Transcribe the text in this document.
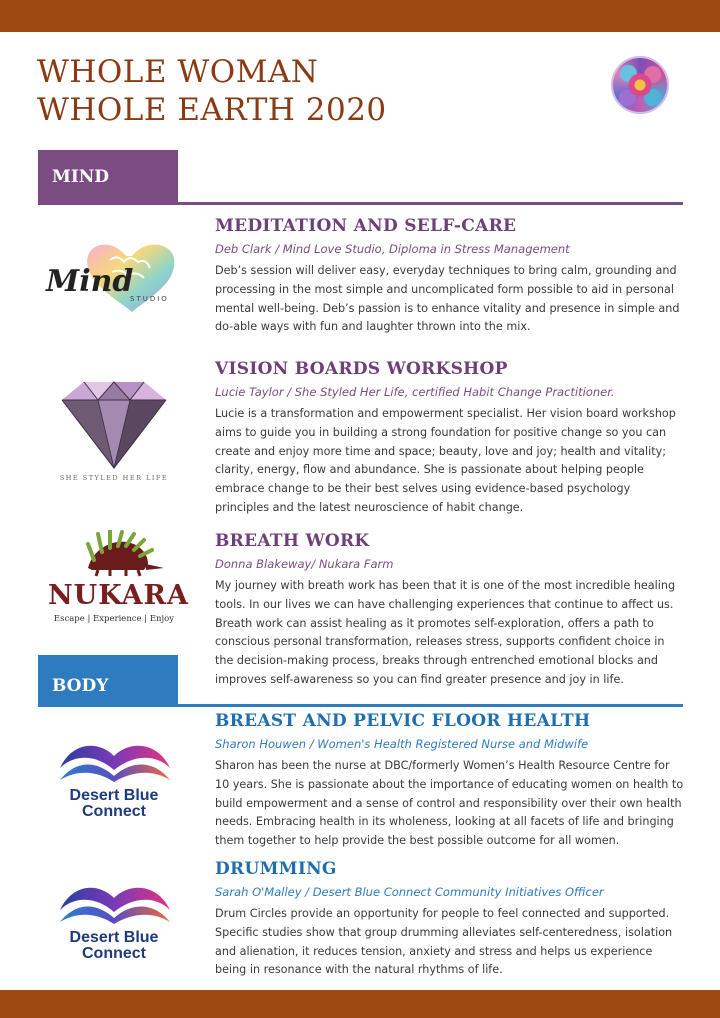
WHOLE WOMAN
WHOLE EARTH 2020
MIND
Mind
STUDIO
MEDITATION AND SELF-CARE
Deb Clark / Mind Love Studio, Diploma in Stress Management
Deb’s session will deliver easy, everyday techniques to bring calm, grounding and processing in the most simple and uncomplicated form possible to aid in personal mental well-being. Deb’s passion is to enhance vitality and presence in simple and do-able ways with fun and laughter thrown into the mix.
SHE STYLED HER LIFE
VISION BOARDS WORKSHOP
Lucie Taylor / She Styled Her Life, certified Habit Change Practitioner.
Lucie is a transformation and empowerment specialist. Her vision board workshop aims to guide you in building a strong foundation for positive change so you can create and enjoy more time and space; beauty, love and joy; health and vitality; clarity, energy, flow and abundance. She is passionate about helping people embrace change to be their best selves using evidence-based psychology principles and the latest neuroscience of habit change.
NUKARA
Escape | Experience | Enjoy
BREATH WORK
Donna Blakeway/ Nukara Farm
My journey with breath work has been that it is one of the most incredible healing tools. In our lives we can have challenging experiences that continue to affect us. Breath work can assist healing as it promotes self-exploration, offers a path to conscious personal transformation, releases stress, supports confident choice in the decision-making process, breaks through entrenched emotional blocks and improves self-awareness so you can find greater presence and joy in life.
BODY
Desert Blue
Connect
BREAST AND PELVIC FLOOR HEALTH
Sharon Houwen / Women's Health Registered Nurse and Midwife
Sharon has been the nurse at DBC/formerly Women’s Health Resource Centre for 10 years. She is passionate about the importance of educating women on health to build empowerment and a sense of control and responsibility over their own health needs. Embracing health in its wholeness, looking at all facets of life and bringing them together to help provide the best possible outcome for all women.
Desert Blue
Connect
DRUMMING
Sarah O'Malley / Desert Blue Connect Community Initiatives Officer
Drum Circles provide an opportunity for people to feel connected and supported. Specific studies show that group drumming alleviates self-centeredness, isolation and alienation, it reduces tension, anxiety and stress and helps us experience being in resonance with the natural rhythms of life.
